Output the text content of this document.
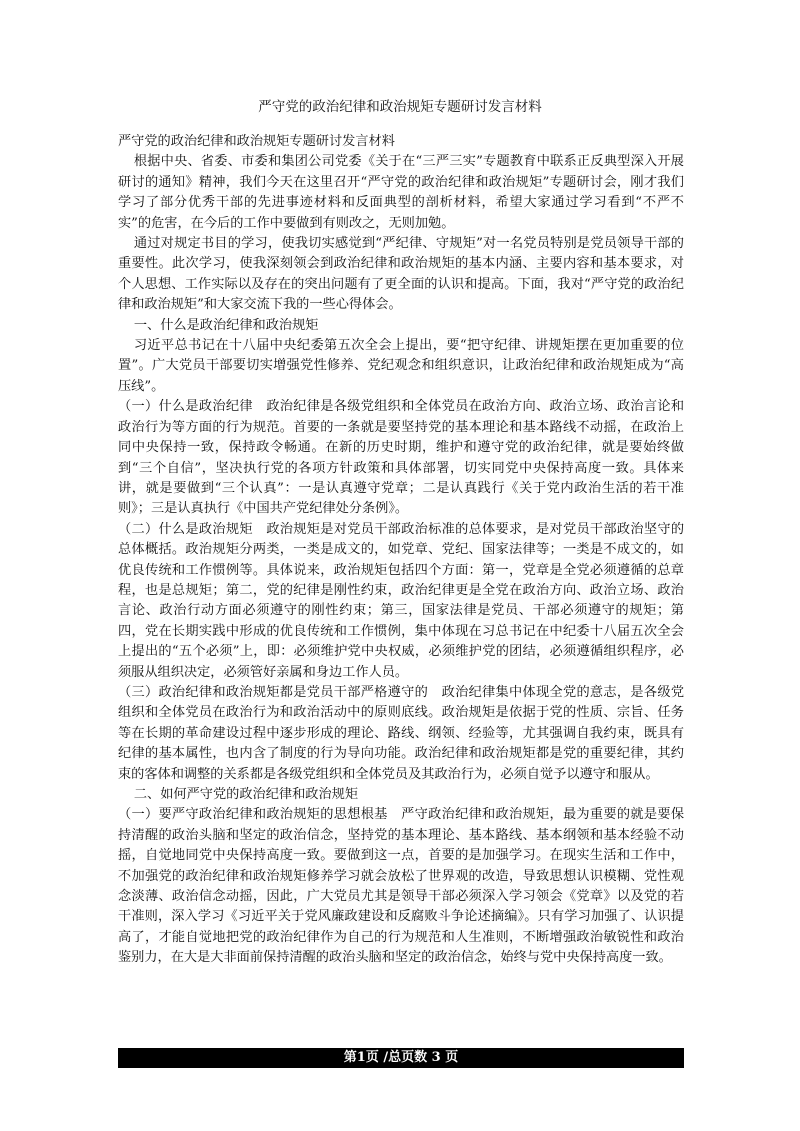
严守党的政治纪律和政治规矩专题研讨发言材料

严守党的政治纪律和政治规矩专题研讨发言材料

根据中央、省委、市委和集团公司党委《关于在“三严三实”专题教育中联系正反典型深入开展研讨的通知》精神，我们今天在这里召开“严守党的政治纪律和政治规矩”专题研讨会，刚才我们学习了部分优秀干部的先进事迹材料和反面典型的剖析材料，希望大家通过学习看到“不严不实”的危害，在今后的工作中要做到有则改之，无则加勉。

通过对规定书目的学习，使我切实感觉到“严纪律、守规矩”对一名党员特别是党员领导干部的重要性。此次学习，使我深刻领会到政治纪律和政治规矩的基本内涵、主要内容和基本要求，对个人思想、工作实际以及存在的突出问题有了更全面的认识和提高。下面，我对“严守党的政治纪律和政治规矩”和大家交流下我的一些心得体会。

一、什么是政治纪律和政治规矩

习近平总书记在十八届中央纪委第五次全会上提出，要“把守纪律、讲规矩摆在更加重要的位置”。广大党员干部要切实增强党性修养、党纪观念和组织意识，让政治纪律和政治规矩成为“高压线”。

（一）什么是政治纪律 政治纪律是各级党组织和全体党员在政治方向、政治立场、政治言论和政治行为等方面的行为规范。首要的一条就是要坚持党的基本理论和基本路线不动摇，在政治上同中央保持一致，保持政令畅通。在新的历史时期，维护和遵守党的政治纪律，就是要始终做到“三个自信”，坚决执行党的各项方针政策和具体部署，切实同党中央保持高度一致。具体来讲，就是要做到“三个认真”：一是认真遵守党章；二是认真践行《关于党内政治生活的若干准则》；三是认真执行《中国共产党纪律处分条例》。

（二）什么是政治规矩 政治规矩是对党员干部政治标准的总体要求，是对党员干部政治坚守的总体概括。政治规矩分两类，一类是成文的，如党章、党纪、国家法律等；一类是不成文的，如优良传统和工作惯例等。具体说来，政治规矩包括四个方面：第一，党章是全党必须遵循的总章程，也是总规矩；第二，党的纪律是刚性约束，政治纪律更是全党在政治方向、政治立场、政治言论、政治行动方面必须遵守的刚性约束；第三，国家法律是党员、干部必须遵守的规矩；第四，党在长期实践中形成的优良传统和工作惯例，集中体现在习总书记在中纪委十八届五次全会上提出的“五个必须”上，即：必须维护党中央权威，必须维护党的团结，必须遵循组织程序，必须服从组织决定，必须管好亲属和身边工作人员。

（三）政治纪律和政治规矩都是党员干部严格遵守的 政治纪律集中体现全党的意志，是各级党组织和全体党员在政治行为和政治活动中的原则底线。政治规矩是依据于党的性质、宗旨、任务等在长期的革命建设过程中逐步形成的理论、路线、纲领、经验等，尤其强调自我约束，既具有纪律的基本属性，也内含了制度的行为导向功能。政治纪律和政治规矩都是党的重要纪律，其约束的客体和调整的关系都是各级党组织和全体党员及其政治行为，必须自觉予以遵守和服从。

二、如何严守党的政治纪律和政治规矩

（一）要严守政治纪律和政治规矩的思想根基 严守政治纪律和政治规矩，最为重要的就是要保持清醒的政治头脑和坚定的政治信念，坚持党的基本理论、基本路线、基本纲领和基本经验不动摇，自觉地同党中央保持高度一致。要做到这一点，首要的是加强学习。在现实生活和工作中，不加强党的政治纪律和政治规矩修养学习就会放松了世界观的改造，导致思想认识模糊、党性观念淡薄、政治信念动摇，因此，广大党员尤其是领导干部必须深入学习领会《党章》以及党的若干准则，深入学习《习近平关于党风廉政建设和反腐败斗争论述摘编》。只有学习加强了、认识提高了，才能自觉地把党的政治纪律作为自己的行为规范和人生准则，不断增强政治敏锐性和政治鉴别力，在大是大非面前保持清醒的政治头脑和坚定的政治信念，始终与党中央保持高度一致。

第1页 /总页数 3 页
